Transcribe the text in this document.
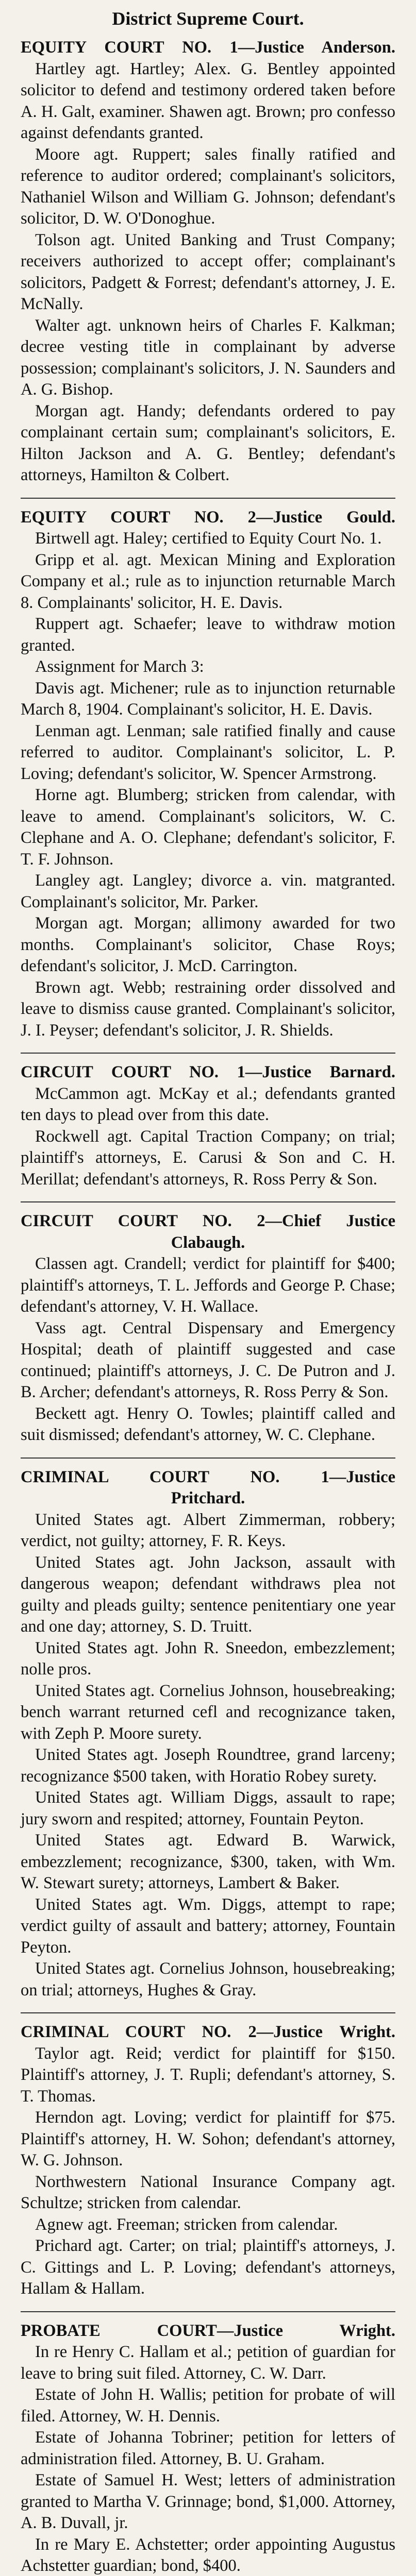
District Supreme Court.

EQUITY COURT NO. 1—Justice Anderson.

Hartley agt. Hartley; Alex. G. Bentley appointed solicitor to defend and testimony ordered taken before A. H. Galt, examiner. Shawen agt. Brown; pro confesso against defendants granted.

Moore agt. Ruppert; sales finally ratified and reference to auditor ordered; complainant's solicitors, Nathaniel Wilson and William G. Johnson; defendant's solicitor, D. W. O'Donoghue.

Tolson agt. United Banking and Trust Company; receivers authorized to accept offer; complainant's solicitors, Padgett & Forrest; defendant's attorney, J. E. McNally.

Walter agt. unknown heirs of Charles F. Kalkman; decree vesting title in complainant by adverse possession; complainant's solicitors, J. N. Saunders and A. G. Bishop.

Morgan agt. Handy; defendants ordered to pay complainant certain sum; complainant's solicitors, E. Hilton Jackson and A. G. Bentley; defendant's attorneys, Hamilton & Colbert.

EQUITY COURT NO. 2—Justice Gould.

Birtwell agt. Haley; certified to Equity Court No. 1.

Gripp et al. agt. Mexican Mining and Exploration Company et al.; rule as to injunction returnable March 8. Complainants' solicitor, H. E. Davis.

Ruppert agt. Schaefer; leave to withdraw motion granted.

Assignment for March 3:

Davis agt. Michener; rule as to injunction returnable March 8, 1904. Complainant's solicitor, H. E. Davis.

Lenman agt. Lenman; sale ratified finally and cause referred to auditor. Complainant's solicitor, L. P. Loving; defendant's solicitor, W. Spencer Armstrong.

Horne agt. Blumberg; stricken from calendar, with leave to amend. Complainant's solicitors, W. C. Clephane and A. O. Clephane; defendant's solicitor, F. T. F. Johnson.

Langley agt. Langley; divorce a. vin. matgranted. Complainant's solicitor, Mr. Parker.

Morgan agt. Morgan; allimony awarded for two months. Complainant's solicitor, Chase Roys; defendant's solicitor, J. McD. Carrington.

Brown agt. Webb; restraining order dissolved and leave to dismiss cause granted. Complainant's solicitor, J. I. Peyser; defendant's solicitor, J. R. Shields.

CIRCUIT COURT NO. 1—Justice Barnard.

McCammon agt. McKay et al.; defendants granted ten days to plead over from this date.

Rockwell agt. Capital Traction Company; on trial; plaintiff's attorneys, E. Carusi & Son and C. H. Merillat; defendant's attorneys, R. Ross Perry & Son.

CIRCUIT COURT NO. 2—Chief Justice

Clabaugh.

Classen agt. Crandell; verdict for plaintiff for $400; plaintiff's attorneys, T. L. Jeffords and George P. Chase; defendant's attorney, V. H. Wallace.

Vass agt. Central Dispensary and Emergency Hospital; death of plaintiff suggested and case continued; plaintiff's attorneys, J. C. De Putron and J. B. Archer; defendant's attorneys, R. Ross Perry & Son.

Beckett agt. Henry O. Towles; plaintiff called and suit dismissed; defendant's attorney, W. C. Clephane.

CRIMINAL COURT NO. 1—Justice

Pritchard.

United States agt. Albert Zimmerman, robbery; verdict, not guilty; attorney, F. R. Keys.

United States agt. John Jackson, assault with dangerous weapon; defendant withdraws plea not guilty and pleads guilty; sentence penitentiary one year and one day; attorney, S. D. Truitt.

United States agt. John R. Sneedon, embezzlement; nolle pros.

United States agt. Cornelius Johnson, housebreaking; bench warrant returned cefl and recognizance taken, with Zeph P. Moore surety.

United States agt. Joseph Roundtree, grand larceny; recognizance $500 taken, with Horatio Robey surety.

United States agt. William Diggs, assault to rape; jury sworn and respited; attorney, Fountain Peyton.

United States agt. Edward B. Warwick, embezzlement; recognizance, $300, taken, with Wm. W. Stewart surety; attorneys, Lambert & Baker.

United States agt. Wm. Diggs, attempt to rape; verdict guilty of assault and battery; attorney, Fountain Peyton.

United States agt. Cornelius Johnson, housebreaking; on trial; attorneys, Hughes & Gray.

CRIMINAL COURT NO. 2—Justice Wright.

Taylor agt. Reid; verdict for plaintiff for $150. Plaintiff's attorney, J. T. Rupli; defendant's attorney, S. T. Thomas.

Herndon agt. Loving; verdict for plaintiff for $75. Plaintiff's attorney, H. W. Sohon; defendant's attorney, W. G. Johnson.

Northwestern National Insurance Company agt. Schultze; stricken from calendar.

Agnew agt. Freeman; stricken from calendar.

Prichard agt. Carter; on trial; plaintiff's attorneys, J. C. Gittings and L. P. Loving; defendant's attorneys, Hallam & Hallam.

PROBATE COURT—Justice Wright.

In re Henry C. Hallam et al.; petition of guardian for leave to bring suit filed. Attorney, C. W. Darr.

Estate of John H. Wallis; petition for probate of will filed. Attorney, W. H. Dennis.

Estate of Johanna Tobriner; petition for letters of administration filed. Attorney, B. U. Graham.

Estate of Samuel H. West; letters of administration granted to Martha V. Grinnage; bond, $1,000. Attorney, A. B. Duvall, jr.

In re Mary E. Achstetter; order appointing Augustus Achstetter guardian; bond, $400.
